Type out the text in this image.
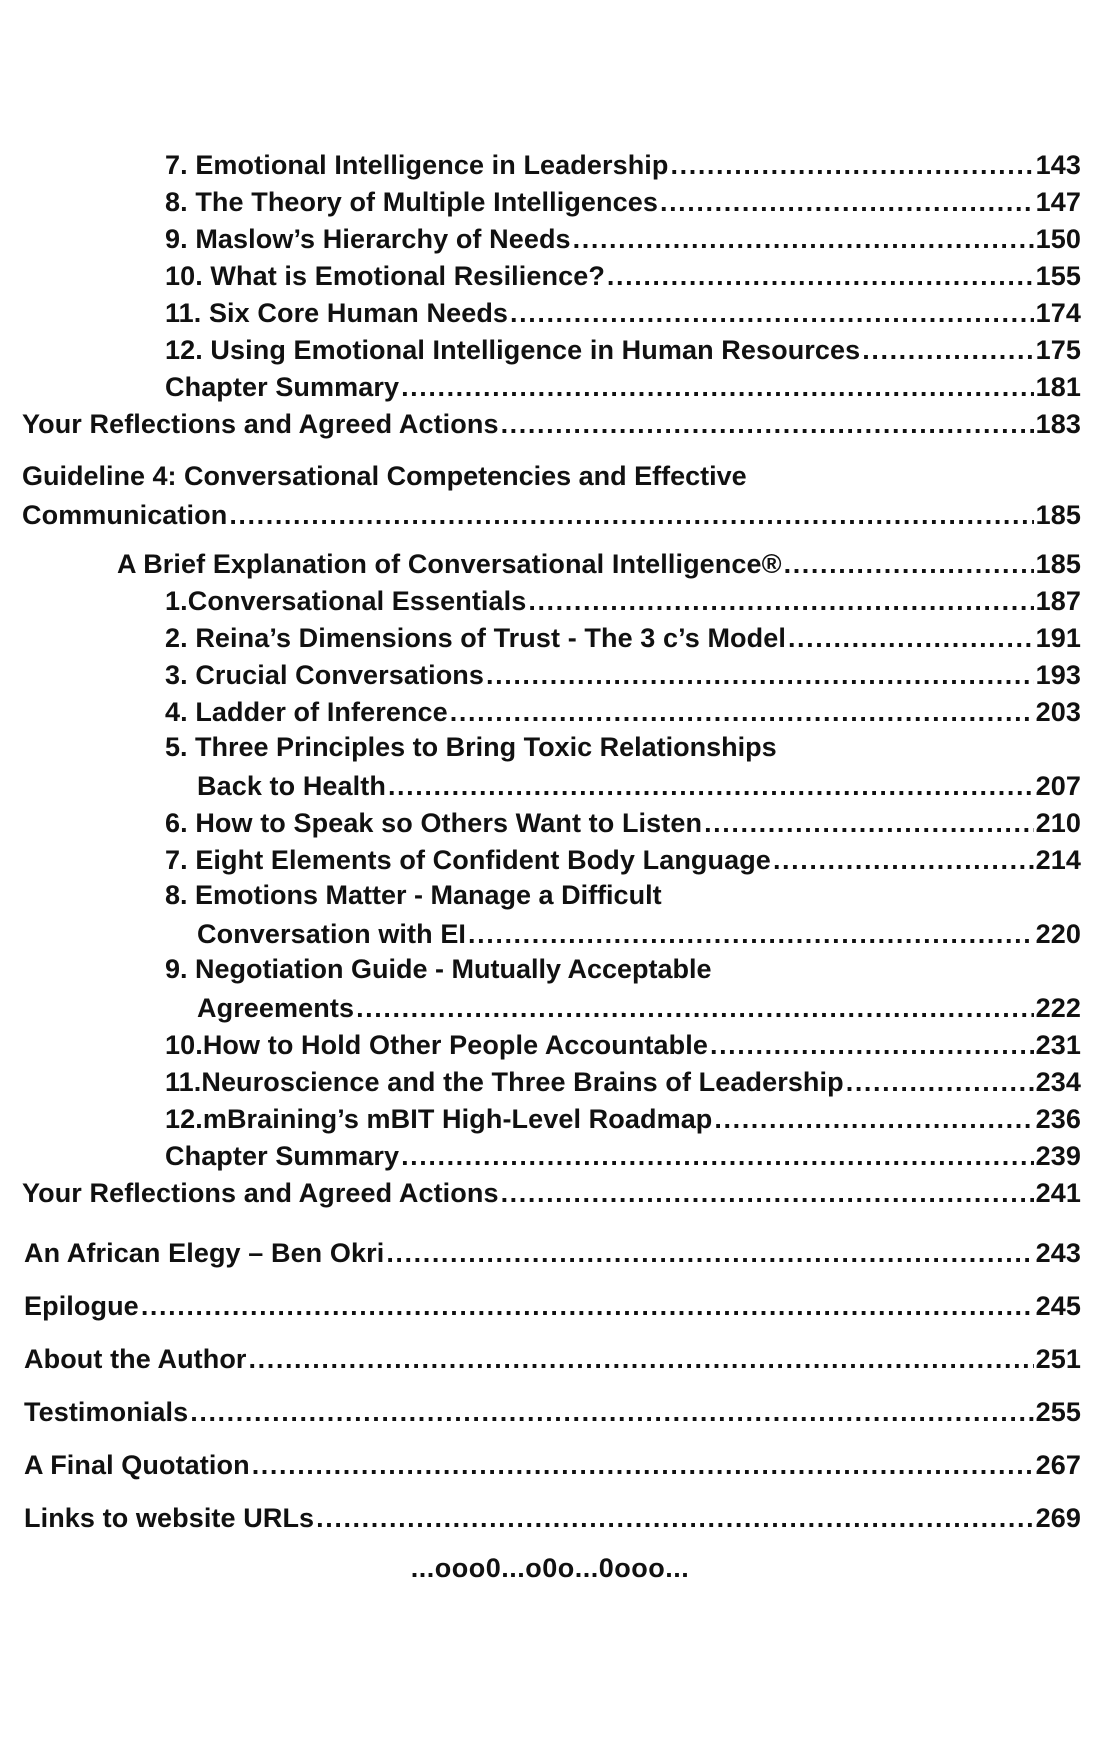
7. Emotional Intelligence in Leadership .....	143
8. The Theory of Multiple Intelligences .....	147
9. Maslow’s Hierarchy of Needs .....	150
10. What is Emotional Resilience? .....	155
11. Six Core Human Needs .....	174
12. Using Emotional Intelligence in Human Resources .....	175
Chapter Summary .....	181
Your Reflections and Agreed Actions .....	183
Guideline 4: Conversational Competencies and Effective
Communication .....	185
A Brief Explanation of Conversational Intelligence® .....	185
1.Conversational Essentials .....	187
2. Reina’s Dimensions of Trust - The 3 c’s Model .....	191
3. Crucial Conversations .....	193
4. Ladder of Inference .....	203
5. Three Principles to Bring Toxic Relationships
Back to Health .....	207
6. How to Speak so Others Want to Listen .....	210
7. Eight Elements of Confident Body Language .....	214
8. Emotions Matter - Manage a Difficult
Conversation with EI .....	220
9. Negotiation Guide - Mutually Acceptable
Agreements .....	222
10.How to Hold Other People Accountable .....	231
11.Neuroscience and the Three Brains of Leadership .....	234
12.mBraining’s mBIT High-Level Roadmap .....	236
Chapter Summary .....	239
Your Reflections and Agreed Actions .....	241
An African Elegy – Ben Okri .....	243
Epilogue .....	245
About the Author .....	251
Testimonials .....	255
A Final Quotation .....	267
Links to website URLs .....	269
...ooo0...o0o...0ooo...
